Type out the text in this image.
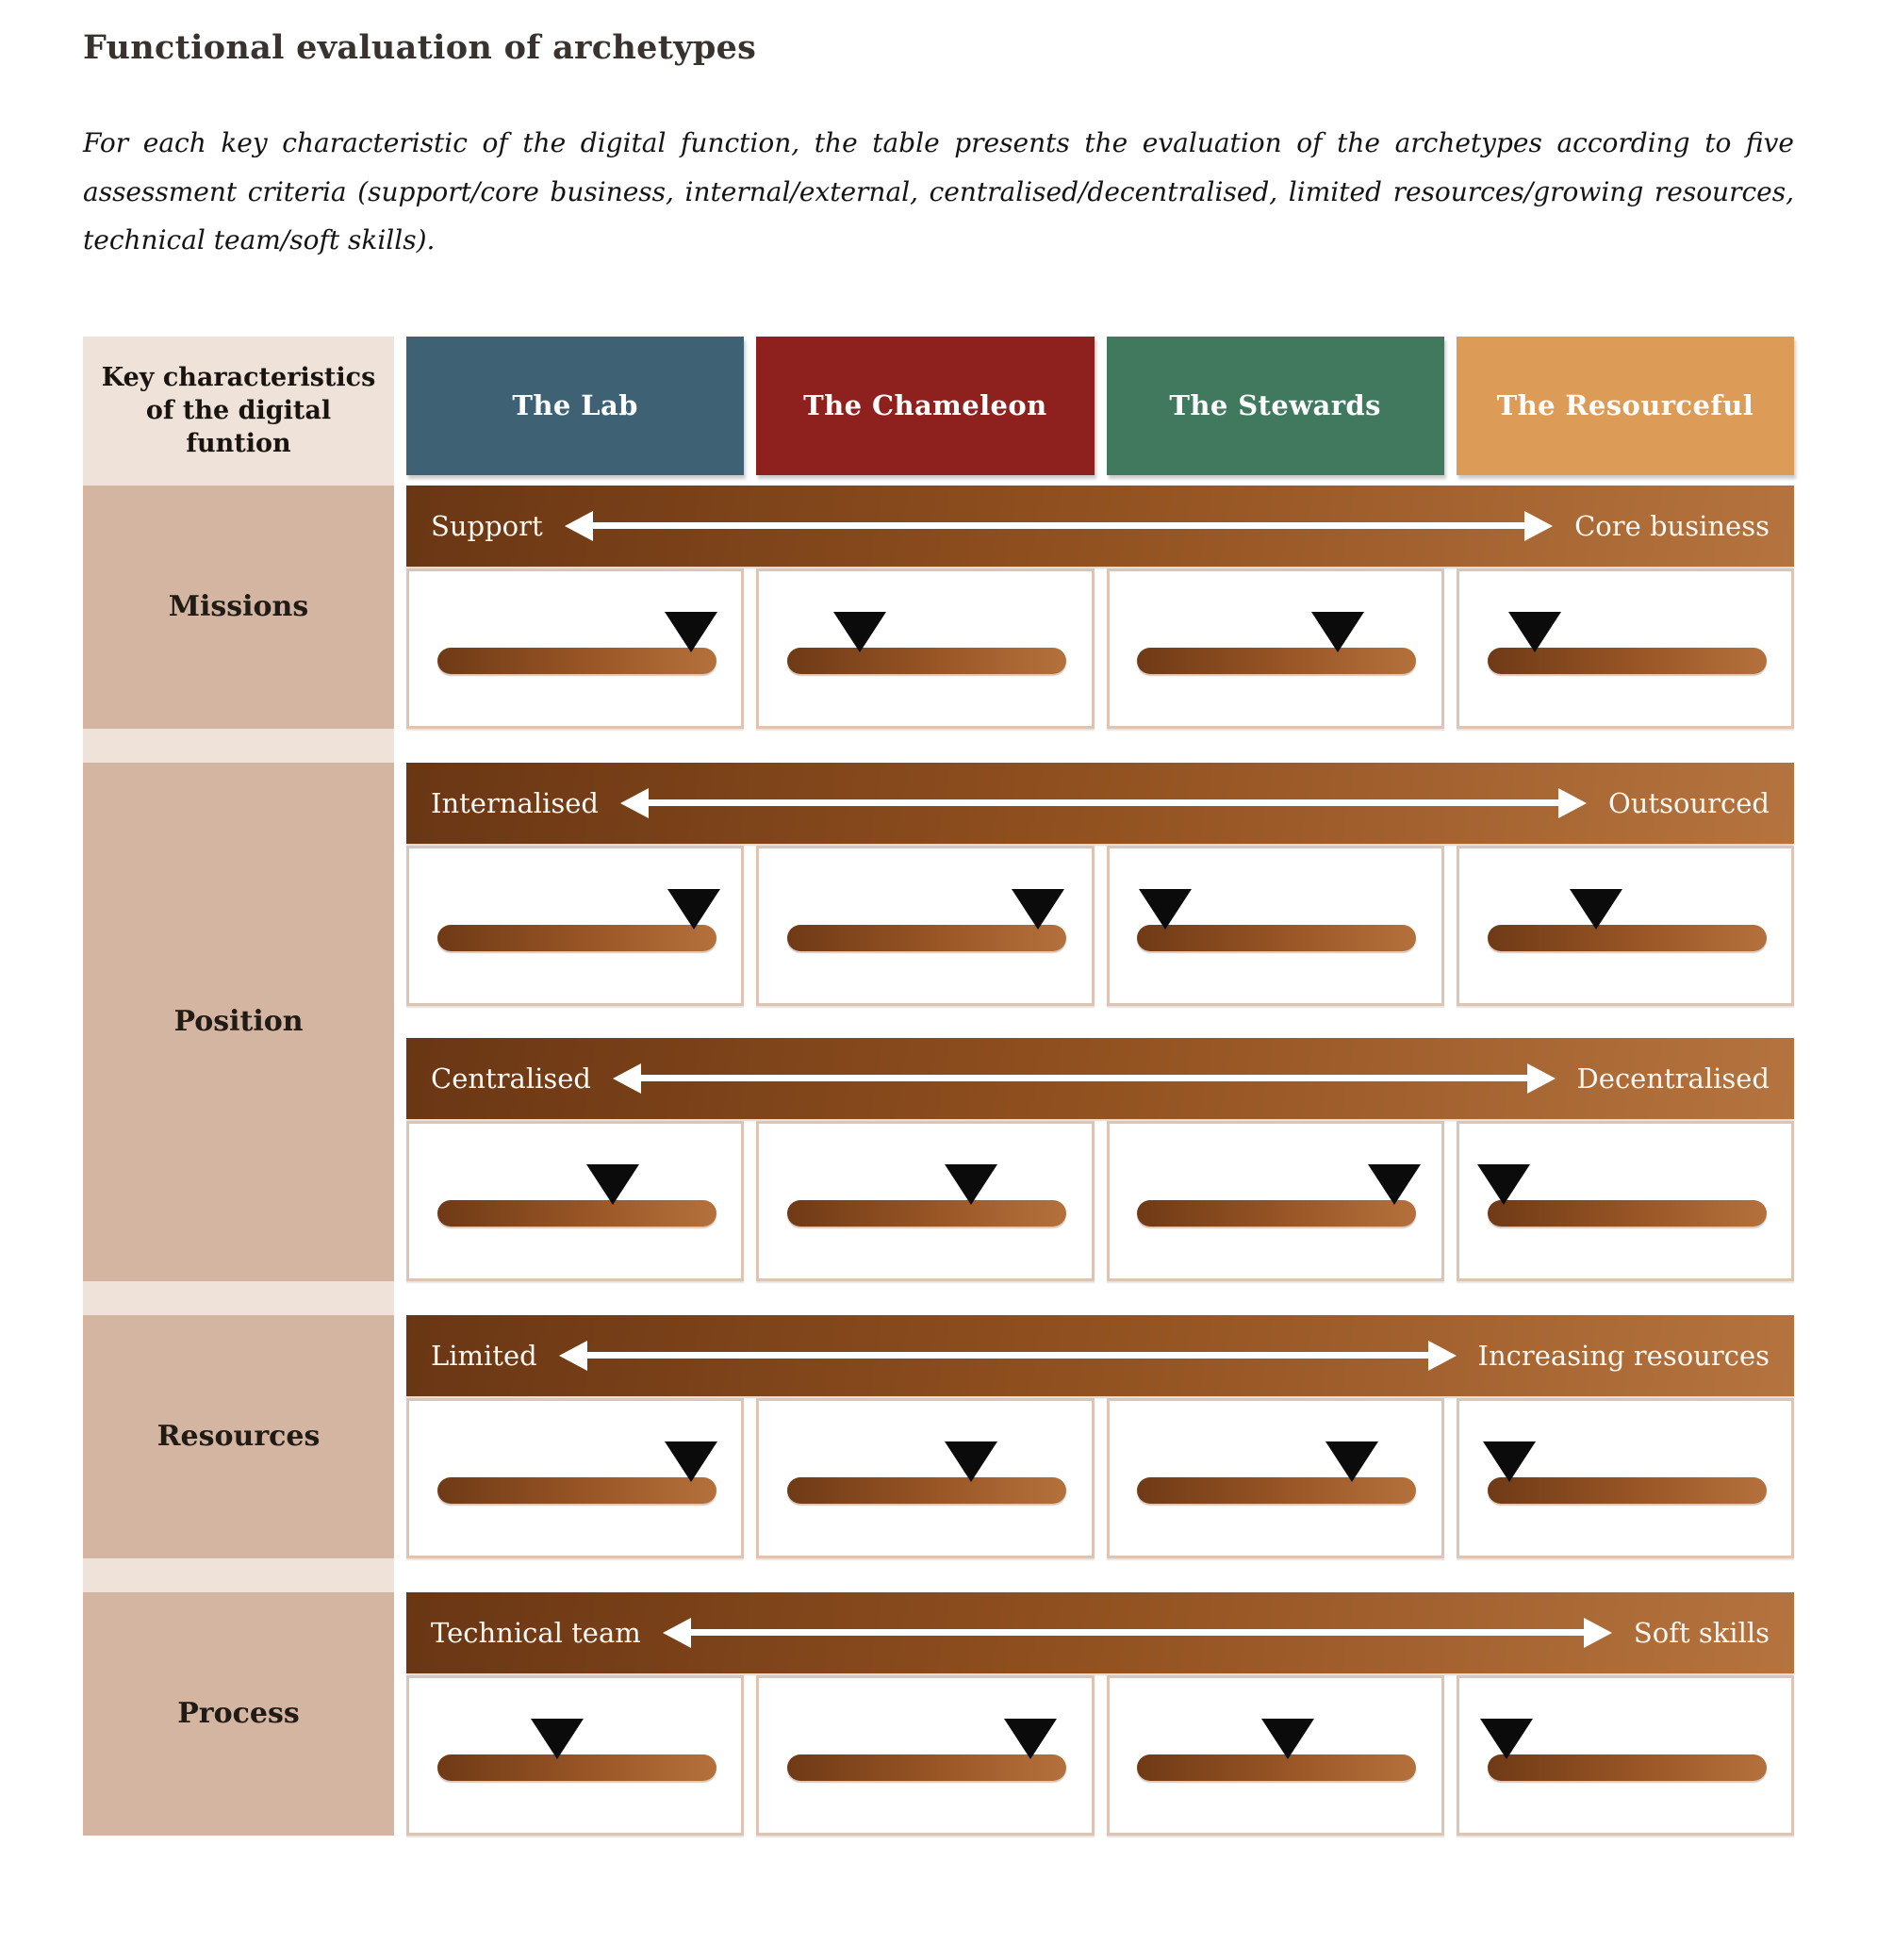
Functional evaluation of archetypes

For each key characteristic of the digital function, the table presents the evaluation of the archetypes according to five assessment criteria (support/core business, internal/external, centralised/decentralised, limited resources/growing resources, technical team/soft skills).

Key characteristics of the digital funtion
The Lab	The Chameleon	The Stewards	The Resourceful
Missions
Support	Core business
Position
Internalised	Outsourced
Centralised	Decentralised
Resources
Limited	Increasing resources
Process
Technical team	Soft skills
